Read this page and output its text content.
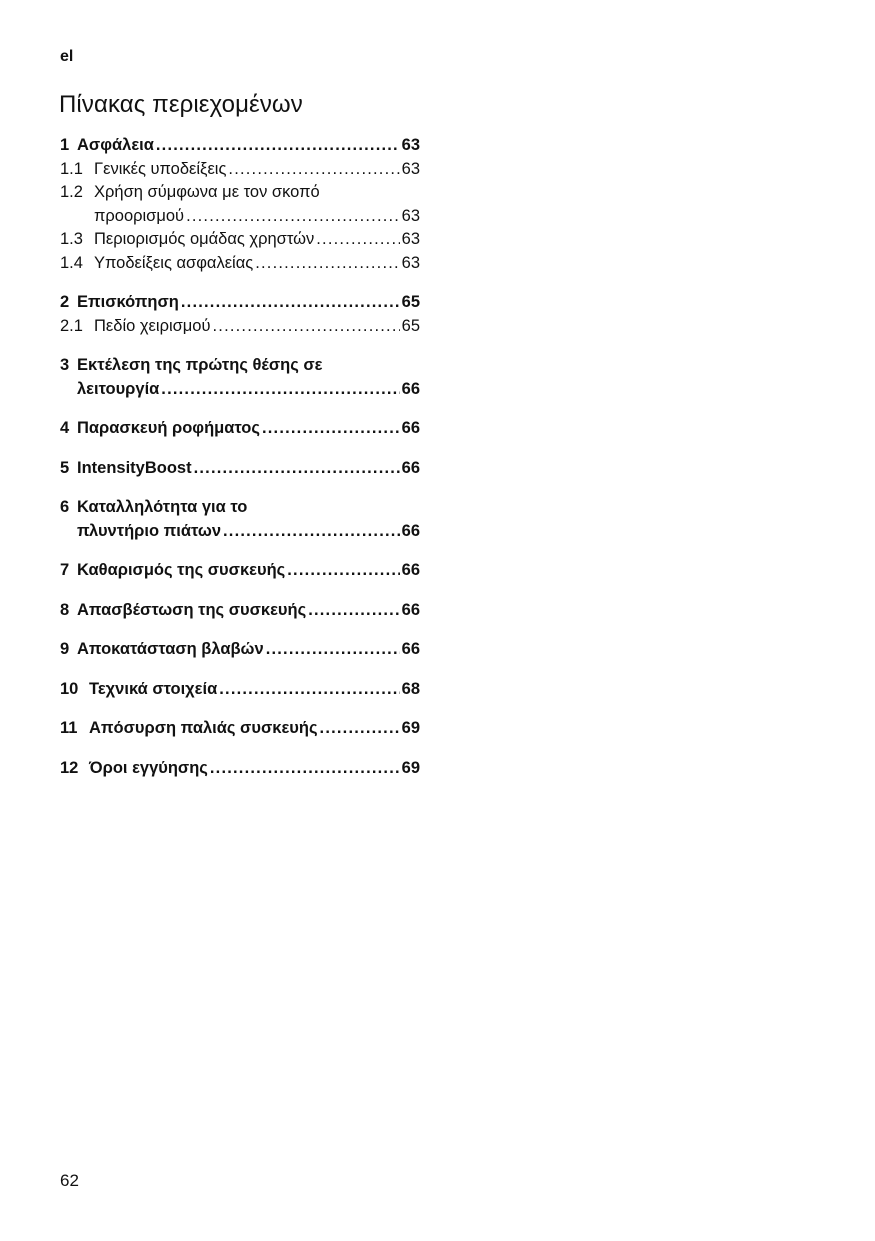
el
Πίνακας περιεχομένων
1 Ασφάλεια .....	63
1.1 Γενικές υποδείξεις .....	63
1.2 Χρήση σύμφωνα με τον σκοπό
προορισμού .....	63
1.3 Περιορισμός ομάδας χρηστών .....	63
1.4 Υποδείξεις ασφαλείας .....	63
2 Επισκόπηση .....	65
2.1 Πεδίο χειρισμού .....	65
3 Εκτέλεση της πρώτης θέσης σε
λειτουργία .....	66
4 Παρασκευή ροφήματος .....	66
5 IntensityBoost .....	66
6 Καταλληλότητα για το
πλυντήριο πιάτων .....	66
7 Καθαρισμός της συσκευής .....	66
8 Απασβέστωση της συσκευής .....	66
9 Αποκατάσταση βλαβών .....	66
10 Τεχνικά στοιχεία .....	68
11 Απόσυρση παλιάς συσκευής .....	69
12 Όροι εγγύησης .....	69
62
